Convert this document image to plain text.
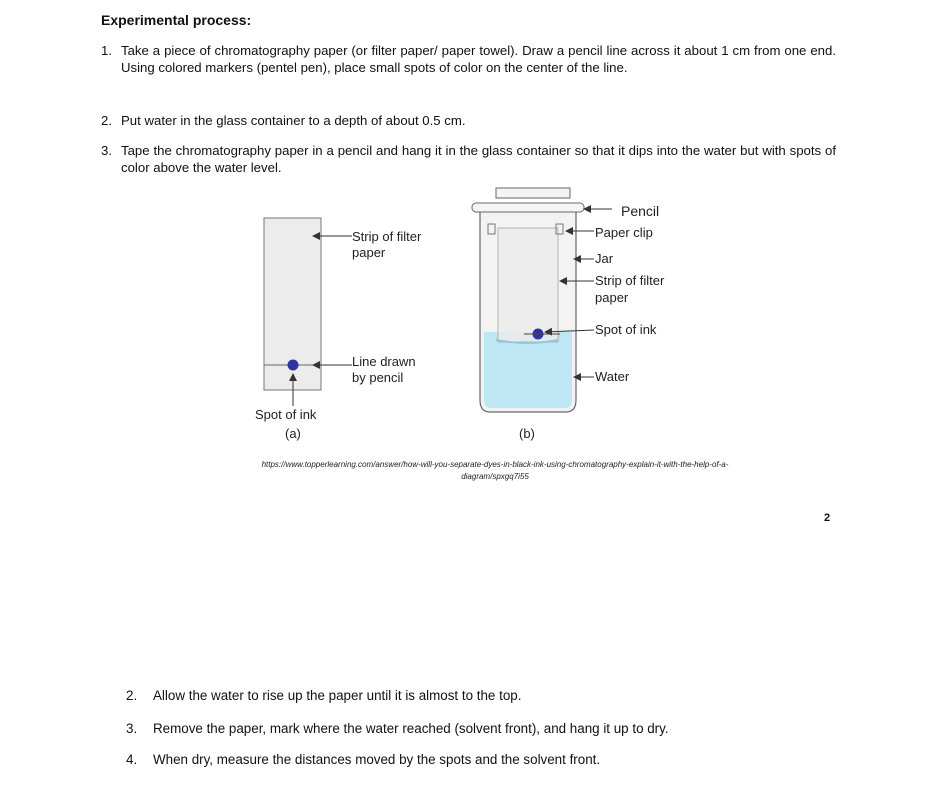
Experimental process:
1. Take a piece of chromatography paper (or filter paper/ paper towel). Draw a pencil line across it about 1 cm from one end. Using colored markers (pentel pen), place small spots of color on the center of the line.
2. Put water in the glass container to a depth of about 0.5 cm.
3. Tape the chromatography paper in a pencil and hang it in the glass container so that it dips into the water but with spots of color above the water level.
Strip of filter
paper
Line drawn
by pencil
Spot of ink
(a)
Pencil
Paper clip
Jar
Strip of filter
paper
Spot of ink
Water
(b)
https://www.topperlearning.com/answer/how-will-you-separate-dyes-in-black-ink-using-chromatography-explain-it-with-the-help-of-a-
diagram/spxgq7i55
2
2. Allow the water to rise up the paper until it is almost to the top.
3. Remove the paper, mark where the water reached (solvent front), and hang it up to dry.
4. When dry, measure the distances moved by the spots and the solvent front.
